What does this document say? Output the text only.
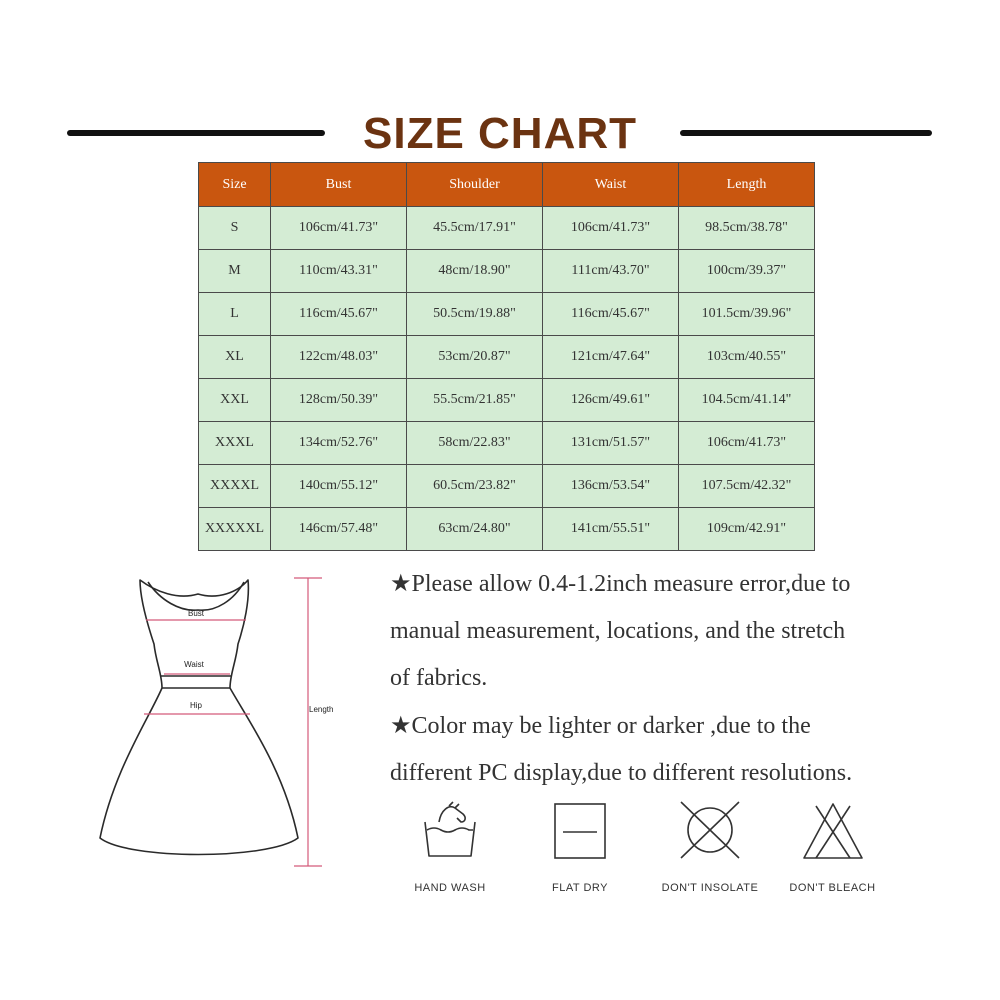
SIZE CHART
Size	Bust	Shoulder	Waist	Length
S	106cm/41.73"	45.5cm/17.91"	106cm/41.73"	98.5cm/38.78"
M	110cm/43.31"	48cm/18.90"	111cm/43.70"	100cm/39.37"
L	116cm/45.67"	50.5cm/19.88"	116cm/45.67"	101.5cm/39.96"
XL	122cm/48.03"	53cm/20.87"	121cm/47.64"	103cm/40.55"
XXL	128cm/50.39"	55.5cm/21.85"	126cm/49.61"	104.5cm/41.14"
XXXL	134cm/52.76"	58cm/22.83"	131cm/51.57"	106cm/41.73"
XXXXL	140cm/55.12"	60.5cm/23.82"	136cm/53.54"	107.5cm/42.32"
XXXXXL	146cm/57.48"	63cm/24.80"	141cm/55.51"	109cm/42.91"
Bust
Waist
Hip	Length
★Please allow 0.4-1.2inch measure error,due to
manual measurement, locations, and the stretch
of fabrics.
★Color may be lighter or darker ,due to the
different PC display,due to different resolutions.
HAND WASH	FLAT DRY	DON'T INSOLATE	DON'T BLEACH
